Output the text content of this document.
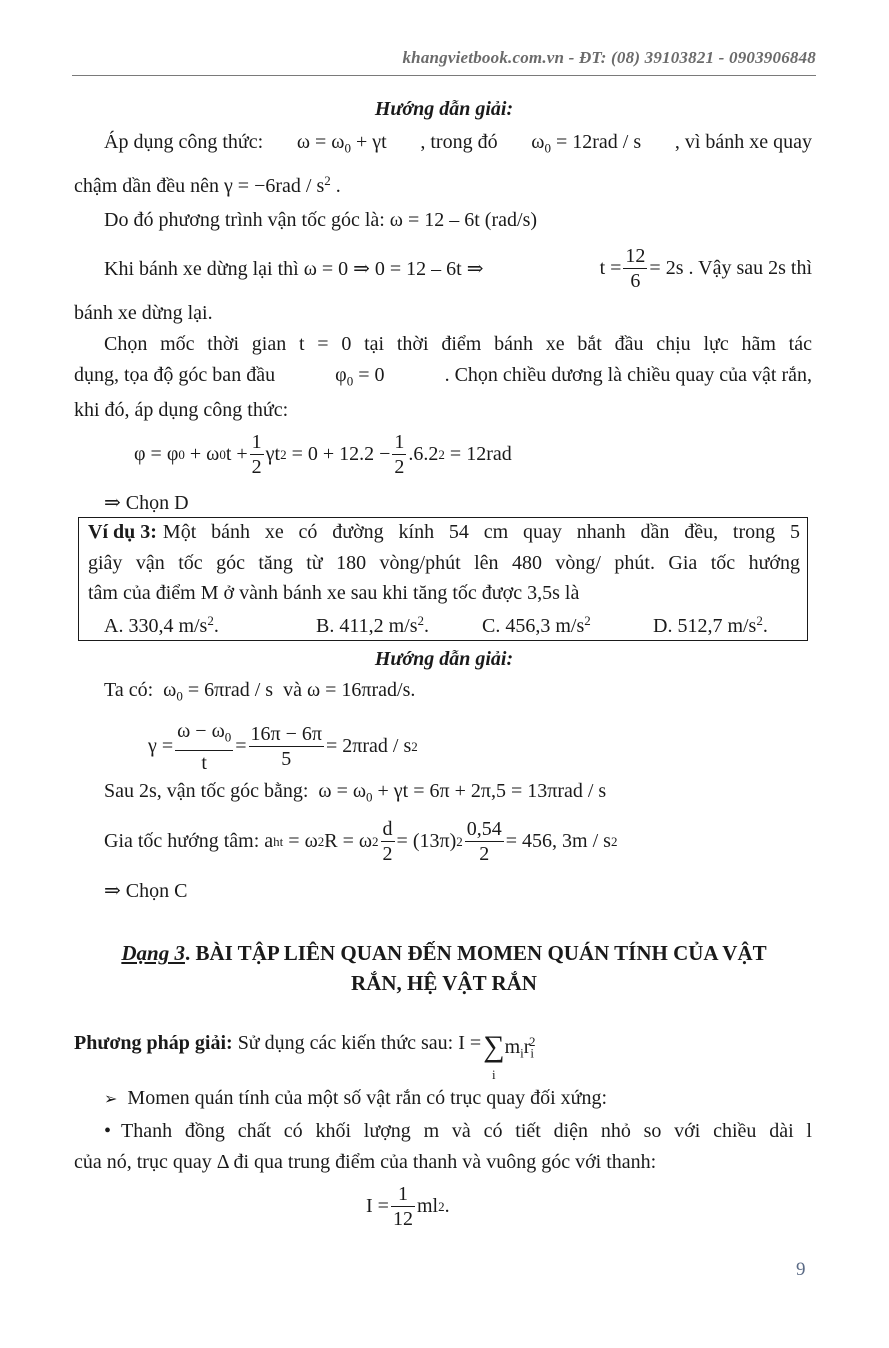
khangvietbook.com.vn - ĐT: (08) 39103821 - 0903906848
Hướng dẫn giải:
Áp dụng công thức: $\omega = \omega_0 + \gamma t$ , trong đó $\omega_0 = 12rad / s$ , vì bánh xe quay
chậm dần đều nên $\gamma = -6rad / s^2$ .
Do đó phương trình vận tốc góc là: ω = 12 – 6t (rad/s)
Khi bánh xe dừng lại thì ω = 0 ⇒ 0 = 12 – 6t ⇒	$t = \frac{12}{6} = 2s$ . Vậy sau 2s thì
bánh xe dừng lại.
Chọn mốc thời gian t = 0 tại thời điểm bánh xe bắt đầu chịu lực hãm tác
dụng, tọa độ góc ban đầu	$\varphi_0 = 0$	. Chọn chiều dương là chiều quay của vật rắn,
khi đó, áp dụng công thức:
φ = φ 0
+ ω 0 $t + \frac{1}{2}$ γt 2
= $0 + 12.2 - \frac{1}{2} .6.2$ 2
= 12rad
⇒ Chọn D
Ví dụ 3: Một bánh xe có đường kính 54 cm quay nhanh dần đều, trong 5
giây vận tốc góc tăng từ 180 vòng/phút lên 480 vòng/ phút. Gia tốc hướng
tâm của điểm M ở vành bánh xe sau khi tăng tốc được 3,5s là
A. 330,4 $m/s^2$.	B. 411,2 $m/s^2$.	C. 456,3 $m/s^2$	D. 512,7 $m/s^2$.
Hướng dẫn giải:
Ta có:  $\omega_0 = 6\pi rad / s$ và ω = 16πrad/s.
$\gamma = \frac{\omega - \omega_0}{t} = \frac{16\pi - 6\pi}{5} = 2\pi rad / s$ 2
Sau 2s, vận tốc góc bằng: $\omega = \omega_0 + \gamma t = 6\pi + 2\pi,5 = 13\pi rad / s$
Gia tốc hướng tâm:
a ht
= ω 2 R = ω $2 \frac{d}{2} = (13\pi)$ $2 \frac{0,54}{2} = 456$, 3m / s 2
⇒ Chọn C
Dạng 3. BÀI TẬP LIÊN QUAN ĐẾN MOMEN QUÁN TÍNH CỦA VẬT
RẮN, HỆ VẬT RẮN
Phương pháp giải:
Sử dụng các kiến thức sau:
I = ∑
i
$m_ir_i^2$
➢ Momen quán tính của một số vật rắn có trục quay đối xứng:
•
Thanh đồng chất có khối lượng m và có tiết diện nhỏ so với chiều dài l
của nó, trục quay Δ đi qua trung điểm của thanh và vuông góc với thanh:
$I = \frac{1}{12}$ ml 2 .
9
